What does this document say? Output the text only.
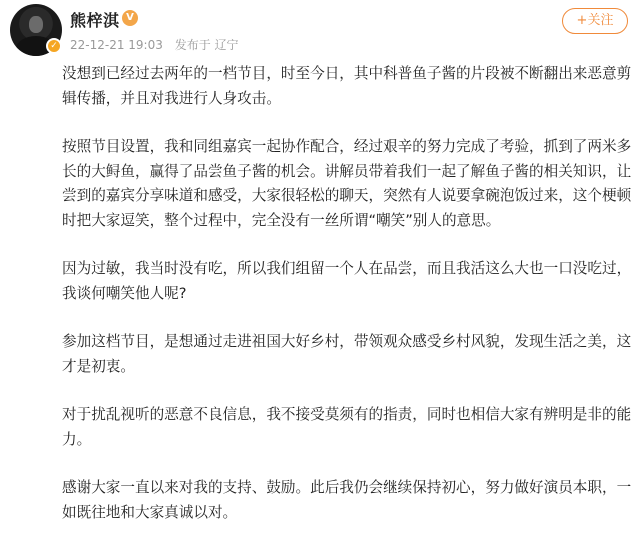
✓
熊梓淇 V
22-12-21 19:03 发布于 辽宁
+关注

没想到已经过去两年的一档节目，时至今日，其中科普鱼子酱的片段被不断翻出来恶意剪辑传播，并且对我进行人身攻击。

按照节目设置，我和同组嘉宾一起协作配合，经过艰辛的努力完成了考验，抓到了两米多长的大鲟鱼，赢得了品尝鱼子酱的机会。讲解员带着我们一起了解鱼子酱的相关知识，让尝到的嘉宾分享味道和感受，大家很轻松的聊天，突然有人说要拿碗泡饭过来，这个梗顿时把大家逗笑，整个过程中，完全没有一丝所谓“嘲笑”别人的意思。

因为过敏，我当时没有吃，所以我们组留一个人在品尝，而且我活这么大也一口没吃过，我谈何嘲笑他人呢?

参加这档节目，是想通过走进祖国大好乡村，带领观众感受乡村风貌，发现生活之美，这才是初衷。

对于扰乱视听的恶意不良信息，我不接受莫须有的指责，同时也相信大家有辨明是非的能力。

感谢大家一直以来对我的支持、鼓励。此后我仍会继续保持初心，努力做好演员本职，一如既往地和大家真诚以对。
